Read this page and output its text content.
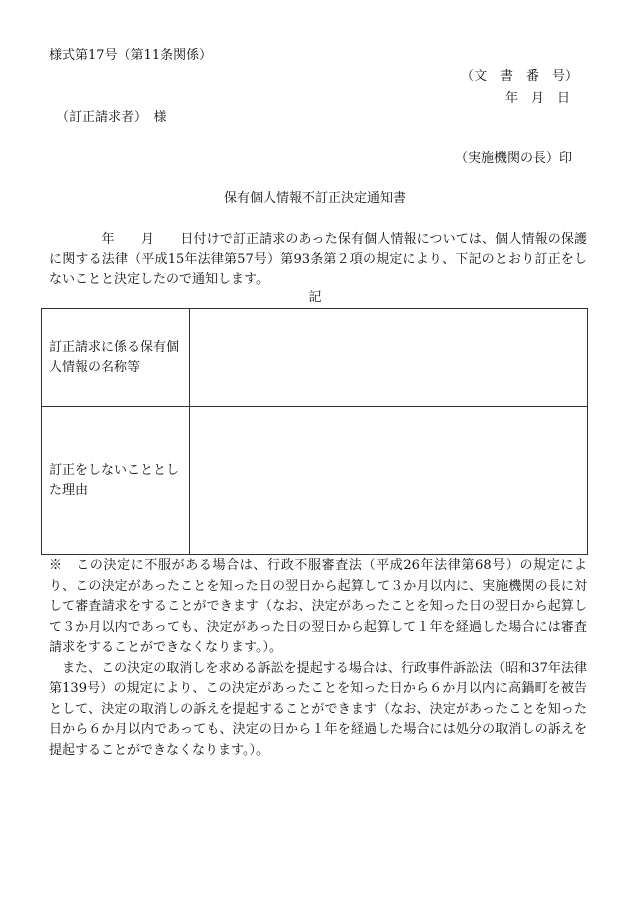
様式第17号（第11条関係）
（文　書　番　号）
年　月　日
（訂正請求者）　様
（実施機関の長）印
保有個人情報不訂正決定通知書
　　　　年　　月　　日付けで訂正請求のあった保有個人情報については、個人情報の保護に関する法律（平成15年法律第57号）第93条第２項の規定により、下記のとおり訂正をしないことと決定したので通知します。
記
訂正請求に係る保有個人情報の名称等	
訂正をしないこととした理由	

※　この決定に不服がある場合は、行政不服審査法（平成26年法律第68号）の規定により、この決定があったことを知った日の翌日から起算して３か月以内に、実施機関の長に対して審査請求をすることができます（なお、決定があったことを知った日の翌日から起算して３か月以内であっても、決定があった日の翌日から起算して１年を経過した場合には審査請求をすることができなくなります。）。

また、この決定の取消しを求める訴訟を提起する場合は、行政事件訴訟法（昭和37年法律第139号）の規定により、この決定があったことを知った日から６か月以内に高鍋町を被告として、決定の取消しの訴えを提起することができます（なお、決定があったことを知った日から６か月以内であっても、決定の日から１年を経過した場合には処分の取消しの訴えを提起することができなくなります。）。
